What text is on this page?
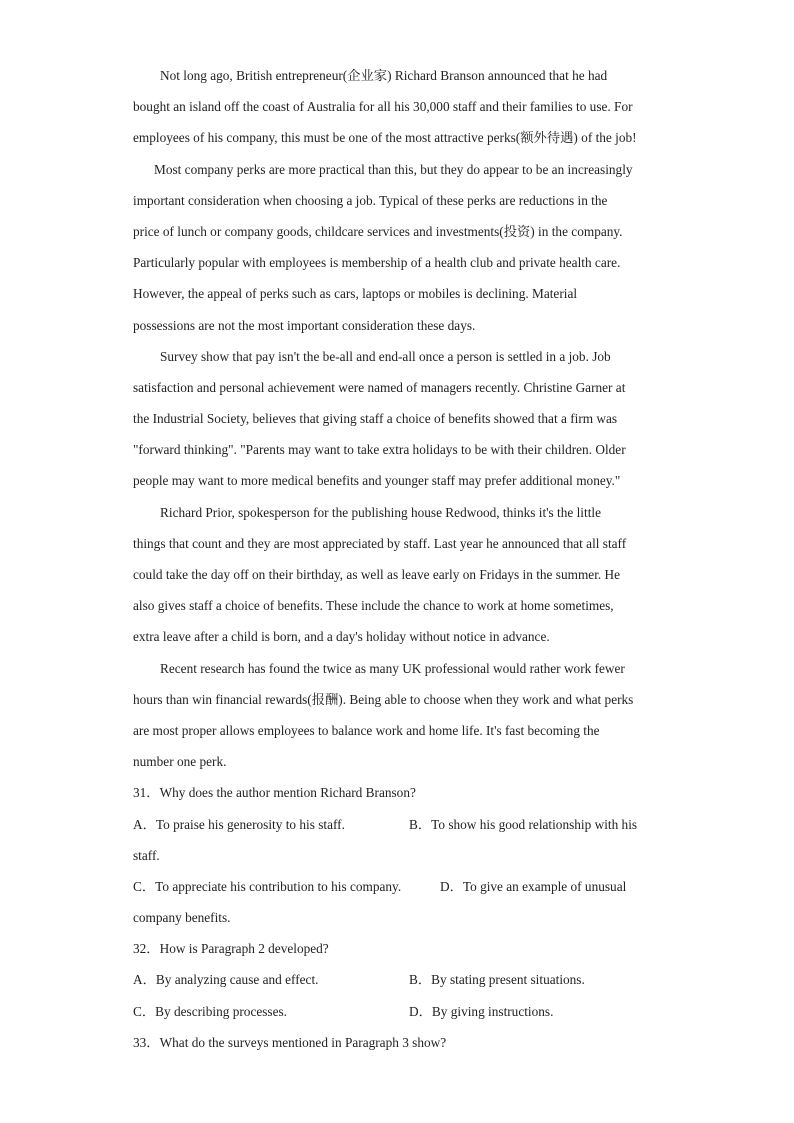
Not long ago, British entrepreneur(企业家) Richard Branson announced that he had
bought an island off the coast of Australia for all his 30,000 staff and their families to use. For
employees of his company, this must be one of the most attractive perks(额外待遇) of the job!
Most company perks are more practical than this, but they do appear to be an increasingly
important consideration when choosing a job. Typical of these perks are reductions in the
price of lunch or company goods, childcare services and investments(投资) in the company.
Particularly popular with employees is membership of a health club and private health care.
However, the appeal of perks such as cars, laptops or mobiles is declining. Material
possessions are not the most important consideration these days.
Survey show that pay isn't the be-all and end-all once a person is settled in a job. Job
satisfaction and personal achievement were named of managers recently. Christine Garner at
the Industrial Society, believes that giving staff a choice of benefits showed that a firm was
"forward thinking". "Parents may want to take extra holidays to be with their children. Older
people may want to more medical benefits and younger staff may prefer additional money."
Richard Prior, spokesperson for the publishing house Redwood, thinks it's the little
things that count and they are most appreciated by staff. Last year he announced that all staff
could take the day off on their birthday, as well as leave early on Fridays in the summer. He
also gives staff a choice of benefits. These include the chance to work at home sometimes,
extra leave after a child is born, and a day's holiday without notice in advance.
Recent research has found the twice as many UK professional would rather work fewer
hours than win financial rewards(报酬). Being able to choose when they work and what perks
are most proper allows employees to balance work and home life. It's fast becoming the
number one perk.
31．Why does the author mention Richard Branson?
A．To praise his generosity to his staff.	B．To show his good relationship with his
staff.
C．To appreciate his contribution to his company.	D．To give an example of unusual
company benefits.
32．How is Paragraph 2 developed?
A．By analyzing cause and effect.	B．By stating present situations.
C．By describing processes.	D．By giving instructions.
33．What do the surveys mentioned in Paragraph 3 show?
